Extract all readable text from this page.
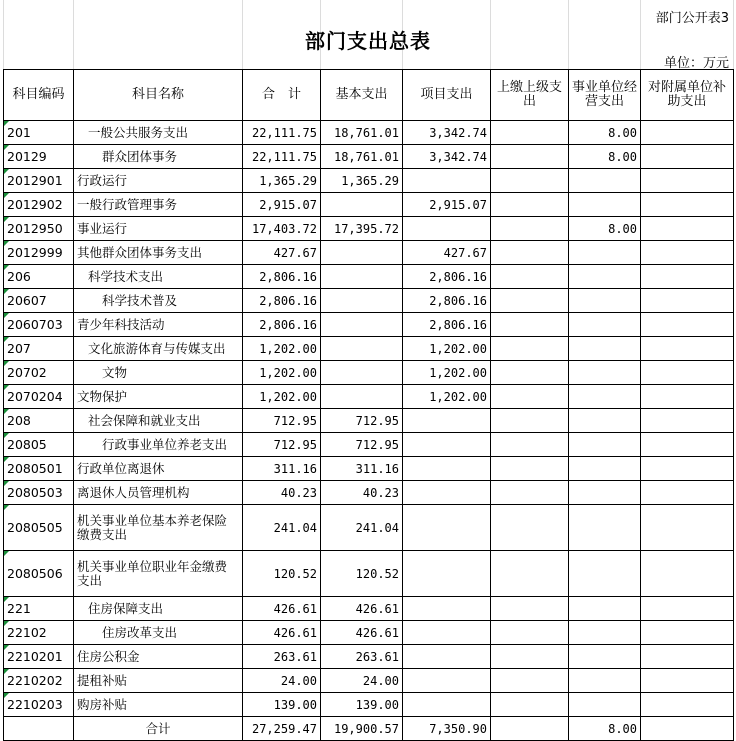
部门公开表3
部门支出总表
单位：万元
科目编码	科目名称	合　计	基本支出	项目支出	上缴上级支出	事业单位经营支出	对附属单位补助支出
201	一般公共服务支出	22,111.75	18,761.01	3,342.74		8.00	
20129	群众团体事务	22,111.75	18,761.01	3,342.74		8.00	
2012901	行政运行	1,365.29	1,365.29				
2012902	一般行政管理事务	2,915.07		2,915.07			
2012950	事业运行	17,403.72	17,395.72			8.00	
2012999	其他群众团体事务支出	427.67		427.67			
206	科学技术支出	2,806.16		2,806.16			
20607	科学技术普及	2,806.16		2,806.16			
2060703	青少年科技活动	2,806.16		2,806.16			
207	文化旅游体育与传媒支出	1,202.00		1,202.00			
20702	文物	1,202.00		1,202.00			
2070204	文物保护	1,202.00		1,202.00			
208	社会保障和就业支出	712.95	712.95				
20805	行政事业单位养老支出	712.95	712.95				
2080501	行政单位离退休	311.16	311.16				
2080503	离退休人员管理机构	40.23	40.23				
2080505	机关事业单位基本养老保险缴费支出	241.04	241.04				
2080506	机关事业单位职业年金缴费支出	120.52	120.52				
221	住房保障支出	426.61	426.61				
22102	住房改革支出	426.61	426.61				
2210201	住房公积金	263.61	263.61				
2210202	提租补贴	24.00	24.00				
2210203	购房补贴	139.00	139.00				
	合计	27,259.47	19,900.57	7,350.90		8.00	
